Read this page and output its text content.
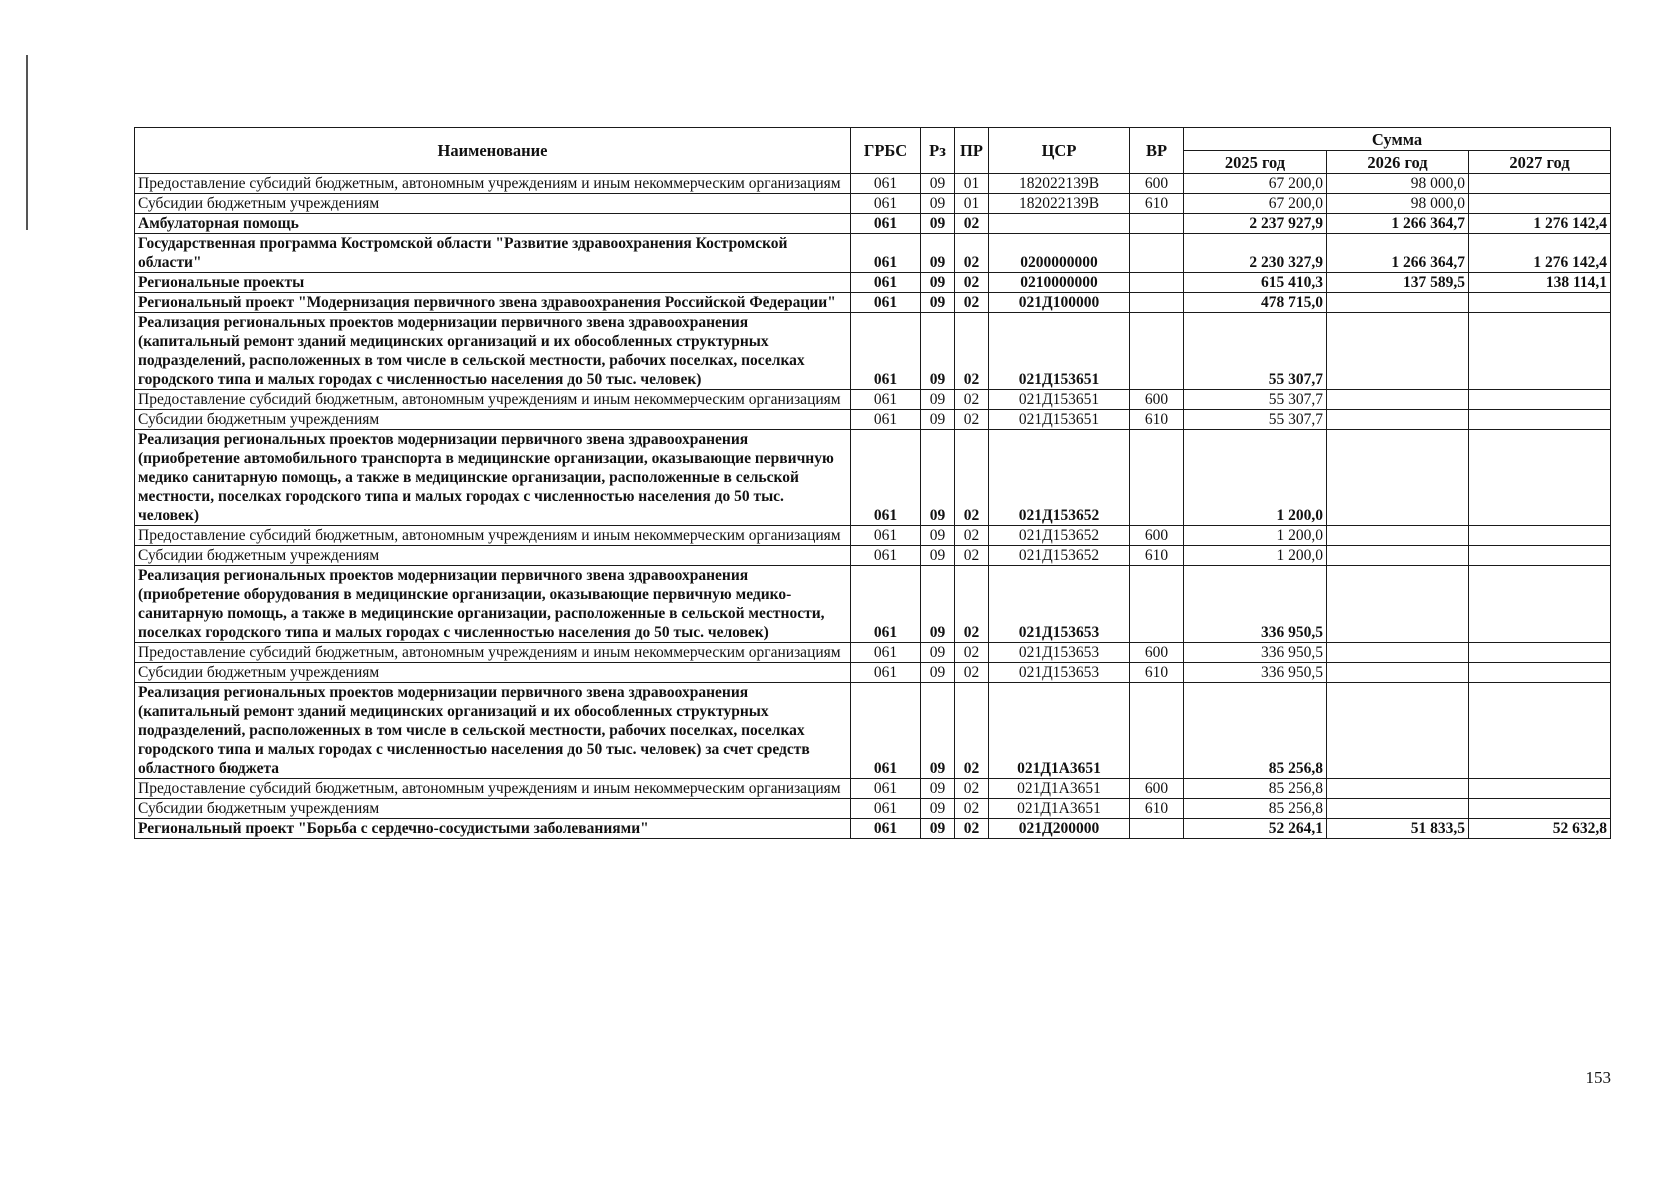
Наименование	ГРБС	Рз	ПР	ЦСР	ВР	Сумма		
						2025 год	2026 год	2027 год
Предоставление субсидий бюджетным, автономным учреждениям и иным некоммерческим организациям	061	09	01	182022139B	600	67 200,0	98 000,0	
Субсидии бюджетным учреждениям	061	09	01	182022139B	610	67 200,0	98 000,0	
Амбулаторная помощь	061	09	02			2 237 927,9	1 266 364,7	1 276 142,4
Государственная программа Костромской области "Развитие здравоохранения Костромской области"	061	09	02	0200000000		2 230 327,9	1 266 364,7	1 276 142,4
Региональные проекты	061	09	02	0210000000		615 410,3	137 589,5	138 114,1
Региональный проект "Модернизация первичного звена здравоохранения Российской Федерации"	061	09	02	021Д100000		478 715,0		
Реализация региональных проектов модернизации первичного звена здравоохранения (капитальный ремонт зданий медицинских организаций и их обособленных структурных подразделений, расположенных в том числе в сельской местности, рабочих поселках, поселках городского типа и малых городах с численностью населения до 50 тыс. человек)	061	09	02	021Д153651		55 307,7		
Предоставление субсидий бюджетным, автономным учреждениям и иным некоммерческим организациям	061	09	02	021Д153651	600	55 307,7		
Субсидии бюджетным учреждениям	061	09	02	021Д153651	610	55 307,7		
Реализация региональных проектов модернизации первичного звена здравоохранения (приобретение автомобильного транспорта в медицинские организации, оказывающие первичную медико санитарную помощь, а также в медицинские организации, расположенные в сельской местности, поселках городского типа и малых городах с численностью населения до 50 тыс. человек)	061	09	02	021Д153652		1 200,0		
Предоставление субсидий бюджетным, автономным учреждениям и иным некоммерческим организациям	061	09	02	021Д153652	600	1 200,0		
Субсидии бюджетным учреждениям	061	09	02	021Д153652	610	1 200,0		
Реализация региональных проектов модернизации первичного звена здравоохранения (приобретение оборудования в медицинские организации, оказывающие первичную медико-санитарную помощь, а также в медицинские организации, расположенные в сельской местности, поселках городского типа и малых городах с численностью населения до 50 тыс. человек)	061	09	02	021Д153653		336 950,5		
Предоставление субсидий бюджетным, автономным учреждениям и иным некоммерческим организациям	061	09	02	021Д153653	600	336 950,5		
Субсидии бюджетным учреждениям	061	09	02	021Д153653	610	336 950,5		
Реализация региональных проектов модернизации первичного звена здравоохранения (капитальный ремонт зданий медицинских организаций и их обособленных структурных подразделений, расположенных в том числе в сельской местности, рабочих поселках, поселках городского типа и малых городах с численностью населения до 50 тыс. человек) за счет средств областного бюджета	061	09	02	021Д1А3651		85 256,8		
Предоставление субсидий бюджетным, автономным учреждениям и иным некоммерческим организациям	061	09	02	021Д1А3651	600	85 256,8		
Субсидии бюджетным учреждениям	061	09	02	021Д1А3651	610	85 256,8		
Региональный проект "Борьба с сердечно-сосудистыми заболеваниями"	061	09	02	021Д200000		52 264,1	51 833,5	52 632,8
153
